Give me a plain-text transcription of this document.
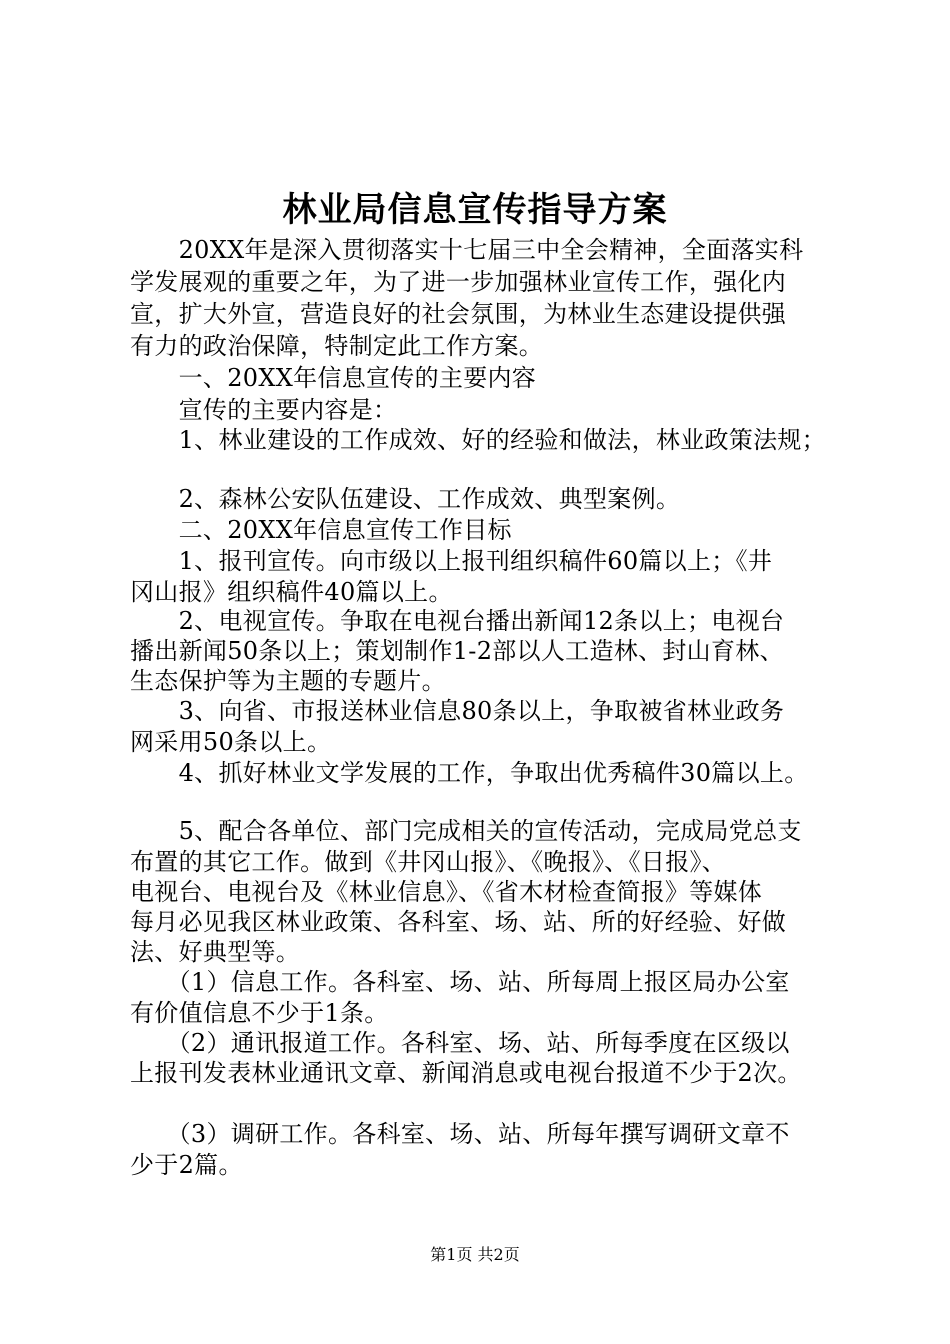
林业局信息宣传指导方案
　　20XX年是深入贯彻落实十七届三中全会精神，全面落实科
学发展观的重要之年，为了进一步加强林业宣传工作，强化内
宣，扩大外宣，营造良好的社会氛围，为林业生态建设提供强
有力的政治保障，特制定此工作方案。
　　一、20XX年信息宣传的主要内容
　　宣传的主要内容是：
　　1、林业建设的工作成效、好的经验和做法，林业政策法规；
　　2、森林公安队伍建设、工作成效、典型案例。
　　二、20XX年信息宣传工作目标
　　1、报刊宣传。向市级以上报刊组织稿件60篇以上；《井
冈山报》组织稿件40篇以上。
　　2、电视宣传。争取在电视台播出新闻12条以上；电视台
播出新闻50条以上；策划制作1-2部以人工造林、封山育林、
生态保护等为主题的专题片。
　　3、向省、市报送林业信息80条以上，争取被省林业政务
网采用50条以上。
　　4、抓好林业文学发展的工作，争取出优秀稿件30篇以上。
　　5、配合各单位、部门完成相关的宣传活动，完成局党总支
布置的其它工作。做到《井冈山报》、《晚报》、《日报》、
电视台、电视台及《林业信息》、《省木材检查简报》等媒体
每月必见我区林业政策、各科室、场、站、所的好经验、好做
法、好典型等。
　　（1）信息工作。各科室、场、站、所每周上报区局办公室
有价值信息不少于1条。
　　（2）通讯报道工作。各科室、场、站、所每季度在区级以
上报刊发表林业通讯文章、新闻消息或电视台报道不少于2次。
　　（3）调研工作。各科室、场、站、所每年撰写调研文章不
少于2篇。
第1页 共2页
